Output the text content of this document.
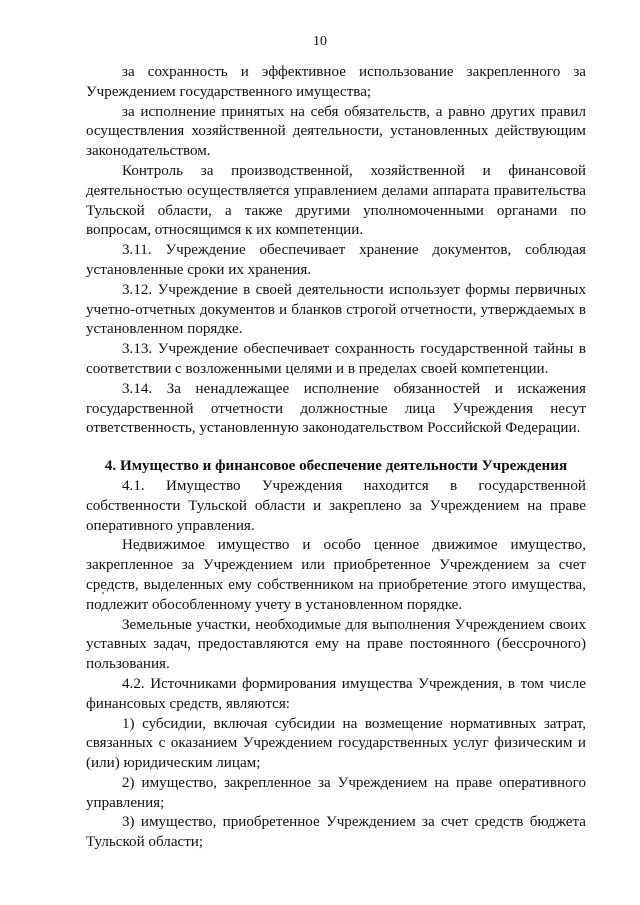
10

за сохранность и эффективное использование закрепленного за Учреждением государственного имущества;

за исполнение принятых на себя обязательств, а равно других правил осуществления хозяйственной деятельности, установленных действующим законодательством.

Контроль за производственной, хозяйственной и финансовой деятельностью осуществляется управлением делами аппарата правительства Тульской области, а также другими уполномоченными органами по вопросам, относящимся к их компетенции.

3.11. Учреждение обеспечивает хранение документов, соблюдая установленные сроки их хранения.

3.12. Учреждение в своей деятельности использует формы первичных учетно-отчетных документов и бланков строгой отчетности, утверждаемых в установленном порядке.

3.13. Учреждение обеспечивает сохранность государственной тайны в соответствии с возложенными целями и в пределах своей компетенции.

3.14. За ненадлежащее исполнение обязанностей и искажения государственной отчетности должностные лица Учреждения несут ответственность, установленную законодательством Российской Федерации.

4. Имущество и финансовое обеспечение деятельности Учреждения

4.1. Имущество Учреждения находится в государственной собственности Тульской области и закреплено за Учреждением на праве оперативного управления.

Недвижимое имущество и особо ценное движимое имущество, закрепленное за Учреждением или приобретенное Учреждением за счет средств, выделенных ему собственником на приобретение этого имущества, подлежит обособленному учету в установленном порядке.

Земельные участки, необходимые для выполнения Учреждением своих уставных задач, предоставляются ему на праве постоянного (бессрочного) пользования.

4.2. Источниками формирования имущества Учреждения, в том числе финансовых средств, являются:

1) субсидии, включая субсидии на возмещение нормативных затрат, связанных с оказанием Учреждением государственных услуг физическим и (или) юридическим лицам;

2) имущество, закрепленное за Учреждением на праве оперативного управления;

3) имущество, приобретенное Учреждением за счет средств бюджета Тульской области;
